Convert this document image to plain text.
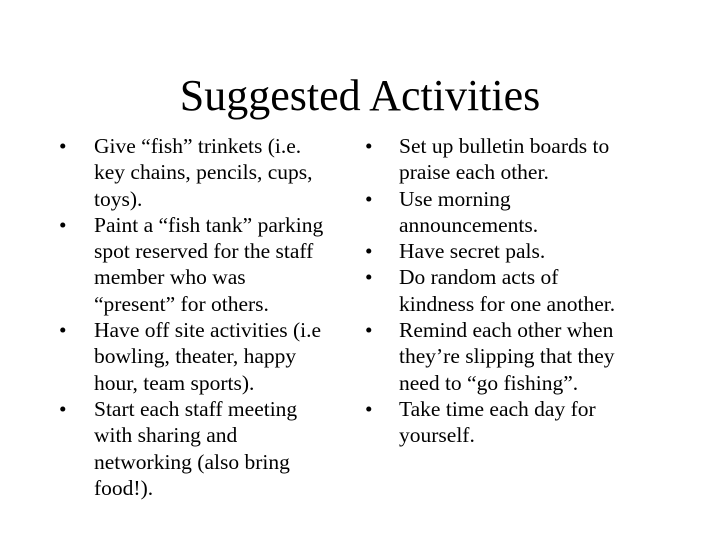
Suggested Activities
•	Give “fish” trinkets (i.e.
key chains, pencils, cups,
toys).
•	Paint a “fish tank” parking
spot reserved for the staff
member who was
“present” for others.
•	Have off site activities (i.e
bowling, theater, happy
hour, team sports).
•	Start each staff meeting
with sharing and
networking (also bring
food!).
•	Set up bulletin boards to
praise each other.
•	Use morning
announcements.
•	Have secret pals.
•	Do random acts of
kindness for one another.
•	Remind each other when
they’re slipping that they
need to “go fishing”.
•	Take time each day for
yourself.
